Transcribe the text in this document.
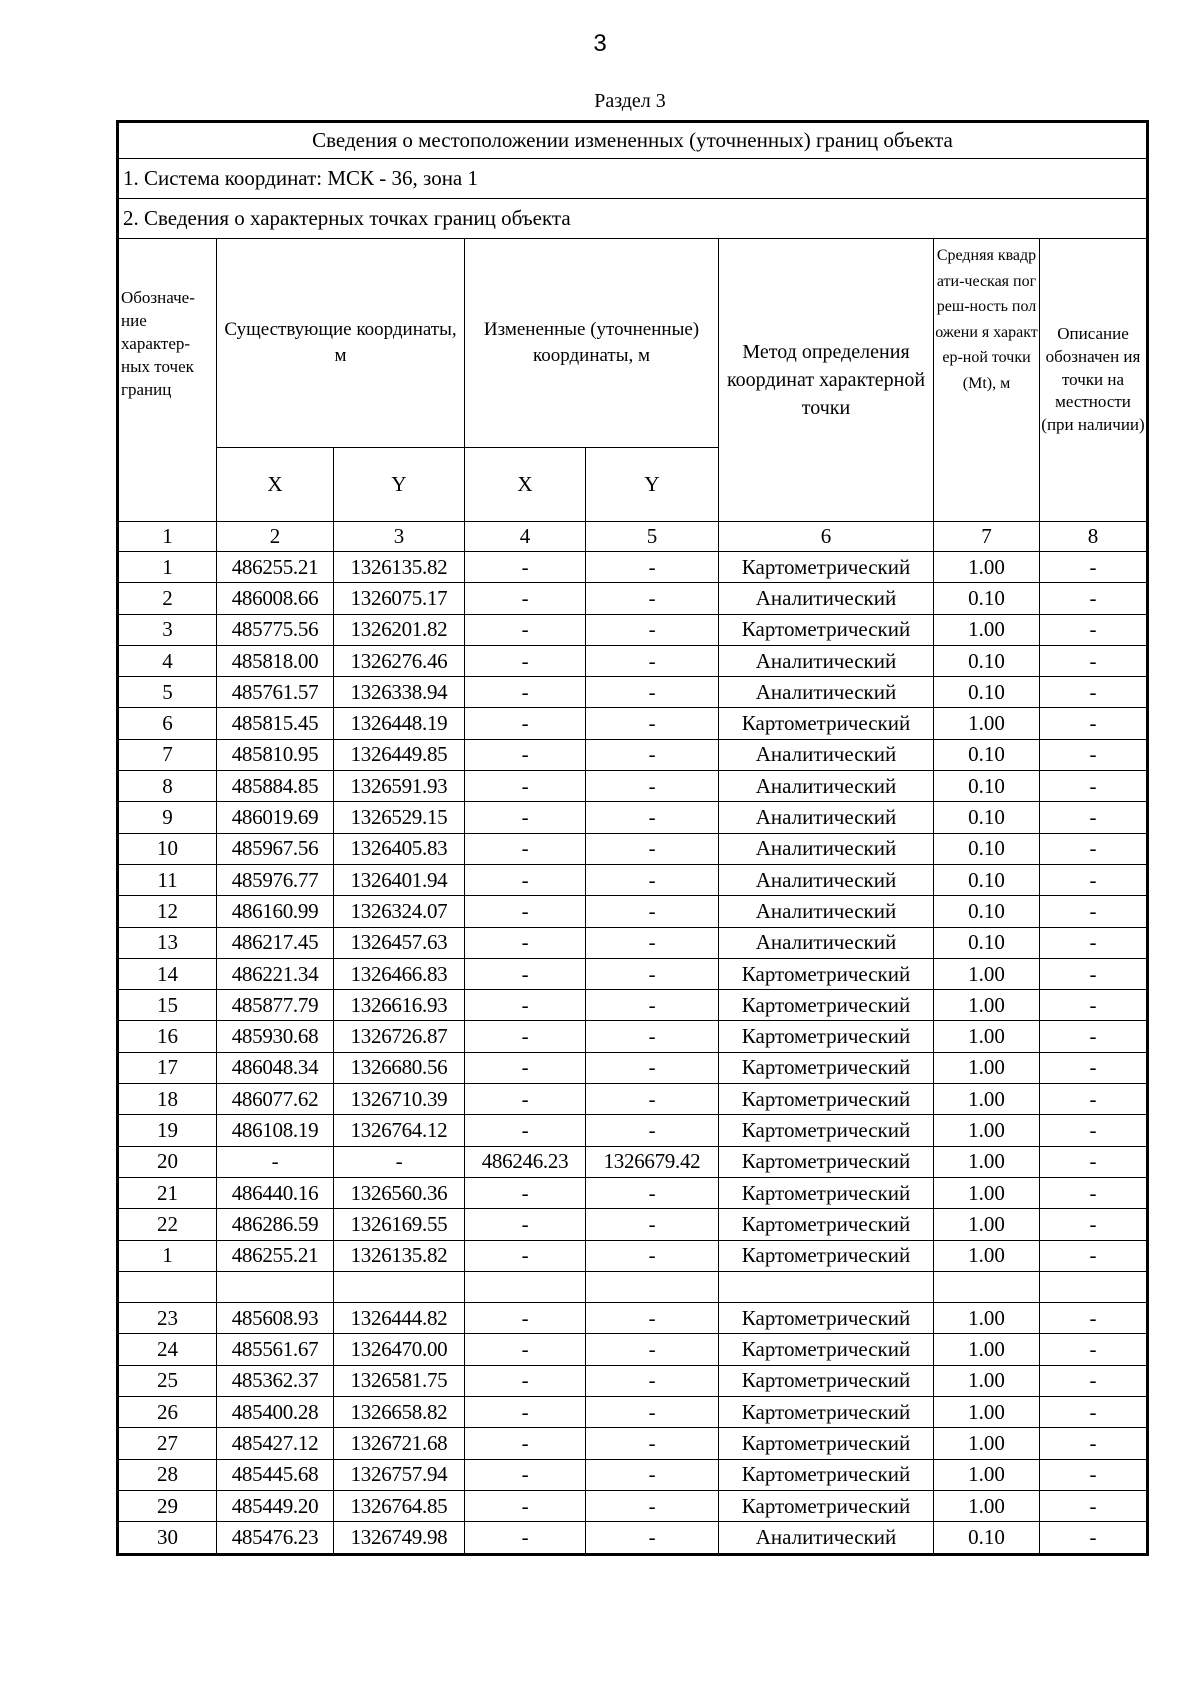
3
Раздел 3
Сведения о местоположении измененных (уточненных) границ объекта							
1. Система координат: МСК - 36, зона 1							
2. Сведения о характерных точках границ объекта							
Обозначе-ние характер-ных точек границ	Существующие координаты, м		Измененные (уточненные) координаты, м		Метод определения координат характерной точки	Средняя квадрати-ческая погреш-ность положени я характер-ной точки (Mt), м	Описание обозначен ия точки на местности (при наличии)
	X	Y	X	Y			
1	2	3	4	5	6	7	8
1	486255.21	1326135.82	-	-	Картометрический	1.00	-
2	486008.66	1326075.17	-	-	Аналитический	0.10	-
3	485775.56	1326201.82	-	-	Картометрический	1.00	-
4	485818.00	1326276.46	-	-	Аналитический	0.10	-
5	485761.57	1326338.94	-	-	Аналитический	0.10	-
6	485815.45	1326448.19	-	-	Картометрический	1.00	-
7	485810.95	1326449.85	-	-	Аналитический	0.10	-
8	485884.85	1326591.93	-	-	Аналитический	0.10	-
9	486019.69	1326529.15	-	-	Аналитический	0.10	-
10	485967.56	1326405.83	-	-	Аналитический	0.10	-
11	485976.77	1326401.94	-	-	Аналитический	0.10	-
12	486160.99	1326324.07	-	-	Аналитический	0.10	-
13	486217.45	1326457.63	-	-	Аналитический	0.10	-
14	486221.34	1326466.83	-	-	Картометрический	1.00	-
15	485877.79	1326616.93	-	-	Картометрический	1.00	-
16	485930.68	1326726.87	-	-	Картометрический	1.00	-
17	486048.34	1326680.56	-	-	Картометрический	1.00	-
18	486077.62	1326710.39	-	-	Картометрический	1.00	-
19	486108.19	1326764.12	-	-	Картометрический	1.00	-
20	-	-	486246.23	1326679.42	Картометрический	1.00	-
21	486440.16	1326560.36	-	-	Картометрический	1.00	-
22	486286.59	1326169.55	-	-	Картометрический	1.00	-
1	486255.21	1326135.82	-	-	Картометрический	1.00	-

23	485608.93	1326444.82	-	-	Картометрический	1.00	-
24	485561.67	1326470.00	-	-	Картометрический	1.00	-
25	485362.37	1326581.75	-	-	Картометрический	1.00	-
26	485400.28	1326658.82	-	-	Картометрический	1.00	-
27	485427.12	1326721.68	-	-	Картометрический	1.00	-
28	485445.68	1326757.94	-	-	Картометрический	1.00	-
29	485449.20	1326764.85	-	-	Картометрический	1.00	-
30	485476.23	1326749.98	-	-	Аналитический	0.10	-
